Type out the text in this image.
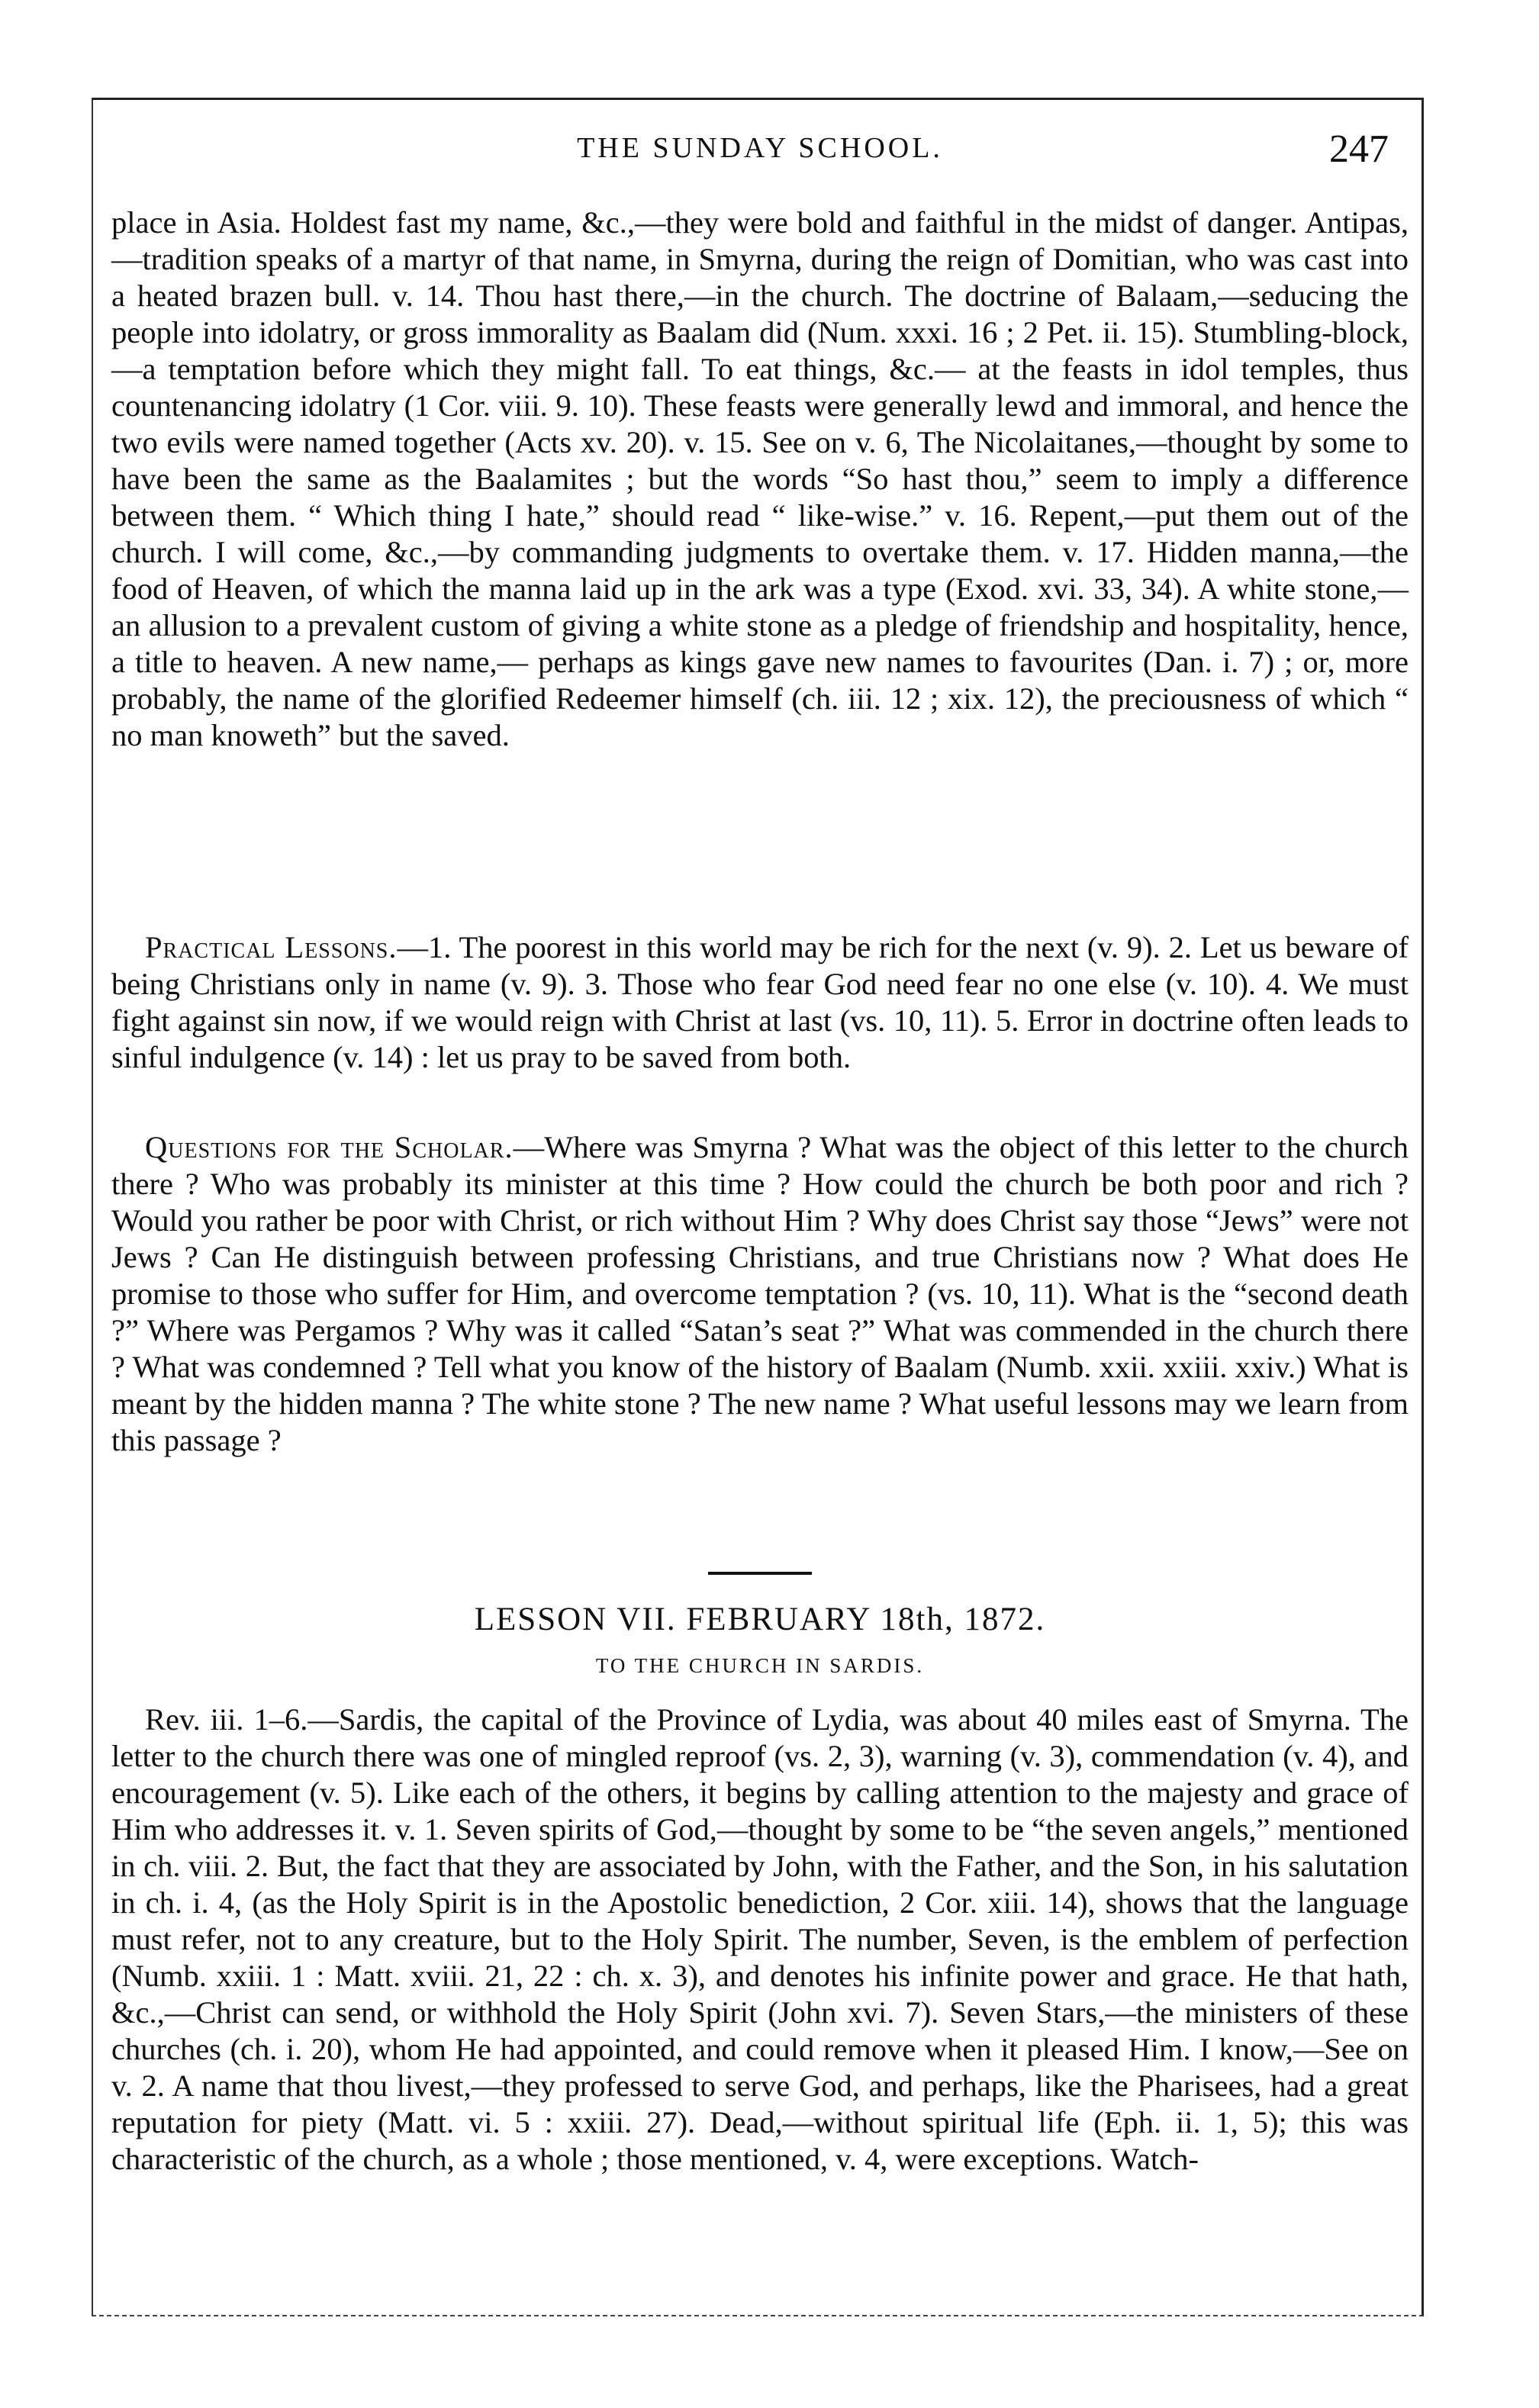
THE SUNDAY SCHOOL.	247

place in Asia. Holdest fast my name, &c.,—they were bold and faithful in the midst of danger. Antipas,—tradition speaks of a martyr of that name, in Smyrna, during the reign of Domitian, who was cast into a heated brazen bull. v. 14. Thou hast there,—in the church. The doctrine of Balaam,—seducing the people into idolatry, or gross immorality as Baalam did (Num. xxxi. 16 ; 2 Pet. ii. 15). Stumbling-block,—a temptation before which they might fall. To eat things, &c.— at the feasts in idol temples, thus countenancing idolatry (1 Cor. viii. 9. 10). These feasts were generally lewd and immoral, and hence the two evils were named together (Acts xv. 20). v. 15. See on v. 6, The Nicolaitanes,—thought by some to have been the same as the Baalamites ; but the words “So hast thou,” seem to imply a difference between them. “ Which thing I hate,” should read “ like-wise.” v. 16. Repent,—put them out of the church. I will come, &c.,—by commanding judgments to overtake them. v. 17. Hidden manna,—the food of Heaven, of which the manna laid up in the ark was a type (Exod. xvi. 33, 34). A white stone,—an allusion to a prevalent custom of giving a white stone as a pledge of friendship and hospitality, hence, a title to heaven. A new name,— perhaps as kings gave new names to favourites (Dan. i. 7) ; or, more probably, the name of the glorified Redeemer himself (ch. iii. 12 ; xix. 12), the preciousness of which “ no man knoweth” but the saved.

Practical Lessons.—1. The poorest in this world may be rich for the next (v. 9). 2. Let us beware of being Christians only in name (v. 9). 3. Those who fear God need fear no one else (v. 10). 4. We must fight against sin now, if we would reign with Christ at last (vs. 10, 11). 5. Error in doctrine often leads to sinful indulgence (v. 14) : let us pray to be saved from both.

Questions for the Scholar.—Where was Smyrna ? What was the object of this letter to the church there ? Who was probably its minister at this time ? How could the church be both poor and rich ? Would you rather be poor with Christ, or rich without Him ? Why does Christ say those “Jews” were not Jews ? Can He distinguish between professing Christians, and true Christians now ? What does He promise to those who suffer for Him, and overcome temptation ? (vs. 10, 11). What is the “second death ?” Where was Pergamos ? Why was it called “Satan’s seat ?” What was commended in the church there ? What was condemned ? Tell what you know of the history of Baalam (Numb. xxii. xxiii. xxiv.) What is meant by the hidden manna ? The white stone ? The new name ? What useful lessons may we learn from this passage ?

LESSON VII. FEBRUARY 18th, 1872.
TO THE CHURCH IN SARDIS.

Rev. iii. 1–6.—Sardis, the capital of the Province of Lydia, was about 40 miles east of Smyrna. The letter to the church there was one of mingled reproof (vs. 2, 3), warning (v. 3), commendation (v. 4), and encouragement (v. 5). Like each of the others, it begins by calling attention to the majesty and grace of Him who addresses it. v. 1. Seven spirits of God,—thought by some to be “the seven angels,” mentioned in ch. viii. 2. But, the fact that they are associated by John, with the Father, and the Son, in his salutation in ch. i. 4, (as the Holy Spirit is in the Apostolic benediction, 2 Cor. xiii. 14), shows that the language must refer, not to any creature, but to the Holy Spirit. The number, Seven, is the emblem of perfection (Numb. xxiii. 1 : Matt. xviii. 21, 22 : ch. x. 3), and denotes his infinite power and grace. He that hath, &c.,—Christ can send, or withhold the Holy Spirit (John xvi. 7). Seven Stars,—the ministers of these churches (ch. i. 20), whom He had appointed, and could remove when it pleased Him. I know,—See on v. 2. A name that thou livest,—they professed to serve God, and perhaps, like the Pharisees, had a great reputation for piety (Matt. vi. 5 : xxiii. 27). Dead,—without spiritual life (Eph. ii. 1, 5); this was characteristic of the church, as a whole ; those mentioned, v. 4, were exceptions. Watch-
